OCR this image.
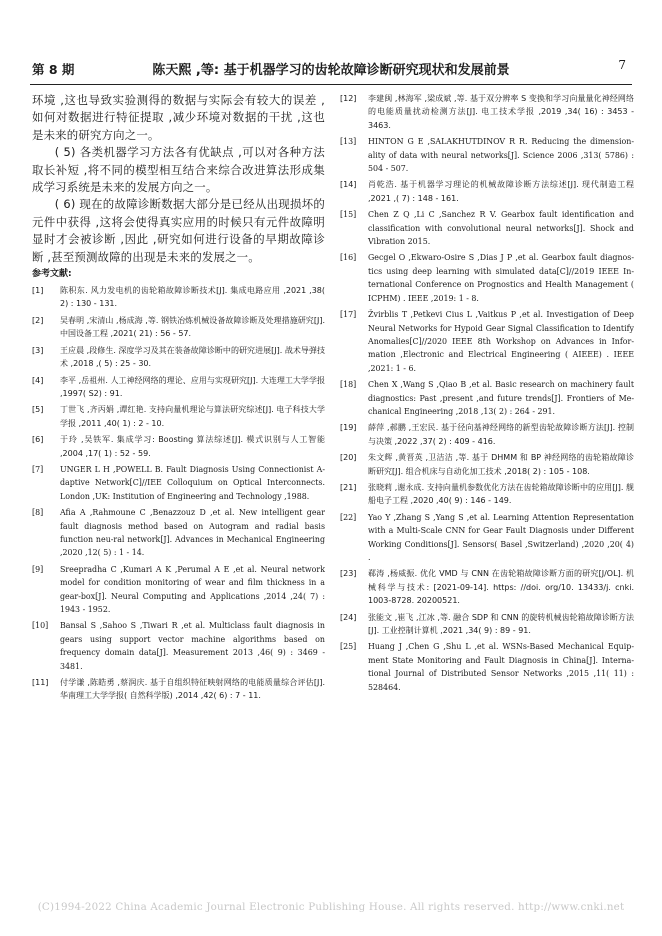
第 8 期	陈天熙 ,等: 基于机器学习的齿轮故障诊断研究现状和发展前景	7

环境 ,这也导致实验测得的数据与实际会有较大的误差 ,如何对数据进行特征提取 ,减少环境对数据的干扰 ,这也是未来的研究方向之一。

( 5) 各类机器学习方法各有优缺点 ,可以对各种方法取长补短 ,将不同的模型相互结合来综合改进算法形成集成学习系统是未来的发展方向之一。

( 6) 现在的故障诊断数据大部分是已经从出现损坏的元件中获得 ,这将会使得真实应用的时候只有元件故障明显时才会被诊断 ,因此 ,研究如何进行设备的早期故障诊断 ,甚至预测故障的出现是未来的发展之一。

参考文献:
[1]	陈积东. 风力发电机的齿轮箱故障诊断技术[J]. 集成电路应用 ,2021 ,38( 2) : 130 - 131.
[2]	吴春明 ,宋清山 ,杨成海 ,等. 钢铁冶炼机械设备故障诊断及处理措施研究[J]. 中国设备工程 ,2021( 21) : 56 - 57.
[3]	王应晨 ,段修生. 深度学习及其在装备故障诊断中的研究进展[J]. 战术导弹技术 ,2018 ,( 5) : 25 - 30.
[4]	李平 ,岳祖州. 人工神经网络的理论、应用与实现研究[J]. 大连理工大学学报 ,1997( S2) : 91.
[5]	丁世飞 ,齐丙娟 ,谭红艳. 支持向量机理论与算法研究综述[J]. 电子科技大学学报 ,2011 ,40( 1) : 2 - 10.
[6]	于玲 ,吴铁军. 集成学习: Boosting 算法综述[J]. 模式识别与人工智能 ,2004 ,17( 1) : 52 - 59.
[7]	UNGER L H ,POWELL B. Fault Diagnosis Using Connectionist A-daptive Network[C]//IEE Colloquium on Optical Interconnects. London ,UK: Institution of Engineering and Technology ,1988.
[8]	Afia A ,Rahmoune C ,Benazzouz D ,et al. New intelligent gear fault diagnosis method based on Autogram and radial basis function neu-ral network[J]. Advances in Mechanical Engineering ,2020 ,12( 5) : 1 - 14.
[9]	Sreepradha C ,Kumari A K ,Perumal A E ,et al. Neural network model for condition monitoring of wear and film thickness in a gear-box[J]. Neural Computing and Applications ,2014 ,24( 7) : 1943 - 1952.
[10]	Bansal S ,Sahoo S ,Tiwari R ,et al. Multiclass fault diagnosis in gears using support vector machine algorithms based on frequency domain data[J]. Measurement 2013 ,46( 9) : 3469 - 3481.
[11]	付学谦 ,陈皓勇 ,蔡润庆. 基于自组织特征映射网络的电能质量综合评估[J]. 华南理工大学学报( 自然科学版) ,2014 ,42( 6) : 7 - 11.
[12]	李建闽 ,林海军 ,梁成斌 ,等. 基于双分辨率 S 变换和学习向量量化神经网络的电能质量扰动检测方法[J]. 电工技术学报 ,2019 ,34( 16) : 3453 - 3463.
[13]	HINTON G E ,SALAKHUTDINOV R R. Reducing the dimension-ality of data with neural networks[J]. Science 2006 ,313( 5786) : 504 - 507.
[14]	肖乾浩. 基于机器学习理论的机械故障诊断方法综述[J]. 现代制造工程 ,2021 ,( 7) : 148 - 161.
[15]	Chen Z Q ,Li C ,Sanchez R V. Gearbox fault identification and classification with convolutional neural networks[J]. Shock and Vibration 2015.
[16]	Gecgel O ,Ekwaro-Osire S ,Dias J P ,et al. Gearbox fault diagnos-tics using deep learning with simulated data[C]//2019 IEEE In-ternational Conference on Prognostics and Health Management ( ICPHM) . IEEE ,2019: 1 - 8.
[17]	Žvirblis T ,Petkevi Cius L ,Vaitkus P ,et al. Investigation of Deep Neural Networks for Hypoid Gear Signal Classification to Identify Anomalies[C]//2020 IEEE 8th Workshop on Advances in Infor-mation ,Electronic and Electrical Engineering ( AIEEE) . IEEE ,2021: 1 - 6.
[18]	Chen X ,Wang S ,Qiao B ,et al. Basic research on machinery fault diagnostics: Past ,present ,and future trends[J]. Frontiers of Me-chanical Engineering ,2018 ,13( 2) : 264 - 291.
[19]	薛萍 ,郝鹏 ,王宏民. 基于径向基神经网络的新型齿轮故障诊断方法[J]. 控制与决策 ,2022 ,37( 2) : 409 - 416.
[20]	朱文辉 ,黄晋英 ,卫洁洁 ,等. 基于 DHMM 和 BP 神经网络的齿轮箱故障诊断研究[J]. 组合机床与自动化加工技术 ,2018( 2) : 105 - 108.
[21]	张晓莉 ,谢永成. 支持向量机参数优化方法在齿轮箱故障诊断中的应用[J]. 舰船电子工程 ,2020 ,40( 9) : 146 - 149.
[22]	Yao Y ,Zhang S ,Yang S ,et al. Learning Attention Representation with a Multi-Scale CNN for Gear Fault Diagnosis under Different Working Conditions[J]. Sensors( Basel ,Switzerland) ,2020 ,20( 4) .
[23]	郗涛 ,杨威振. 优化 VMD 与 CNN 在齿轮箱故障诊断方面的研究[J/OL]. 机械科学与技术: [2021-09-14]. https: //doi. org/10. 13433/j. cnki. 1003-8728. 20200521.
[24]	张能文 ,崔飞 ,江冰 ,等. 融合 SDP 和 CNN 的旋转机械齿轮箱故障诊断方法[J]. 工业控制计算机 ,2021 ,34( 9) : 89 - 91.
[25]	Huang J ,Chen G ,Shu L ,et al. WSNs-Based Mechanical Equip-ment State Monitoring and Fault Diagnosis in China[J]. Interna-tional Journal of Distributed Sensor Networks ,2015 ,11( 11) : 528464.
(C)1994-2022 China Academic Journal Electronic Publishing House. All rights reserved. http://www.cnki.net
